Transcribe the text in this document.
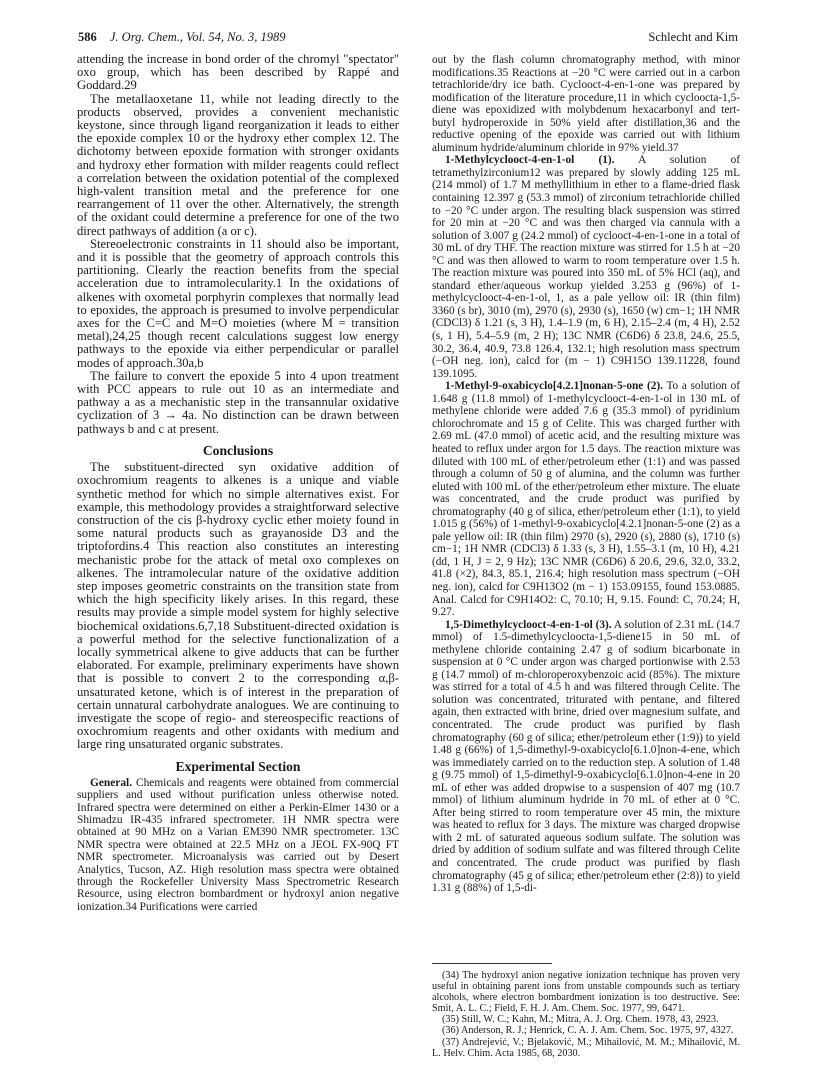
586 J. Org. Chem., Vol. 54, No. 3, 1989	Schlecht and Kim

attending the increase in bond order of the chromyl "spectator" oxo group, which has been described by Rappé and Goddard.29

The metallaoxetane 11, while not leading directly to the products observed, provides a convenient mechanistic keystone, since through ligand reorganization it leads to either the epoxide complex 10 or the hydroxy ether complex 12. The dichotomy between epoxide formation with stronger oxidants and hydroxy ether formation with milder reagents could reflect a correlation between the oxidation potential of the complexed high-valent transition metal and the preference for one rearrangement of 11 over the other. Alternatively, the strength of the oxidant could determine a preference for one of the two direct pathways of addition (a or c).

Stereoelectronic constraints in 11 should also be important, and it is possible that the geometry of approach controls this partitioning. Clearly the reaction benefits from the special acceleration due to intramolecularity.1 In the oxidations of alkenes with oxometal porphyrin complexes that normally lead to epoxides, the approach is presumed to involve perpendicular axes for the C=C and M=O moieties (where M = transition metal),24,25 though recent calculations suggest low energy pathways to the epoxide via either perpendicular or parallel modes of approach.30a,b

The failure to convert the epoxide 5 into 4 upon treatment with PCC appears to rule out 10 as an intermediate and pathway a as a mechanistic step in the transannular oxidative cyclization of 3 → 4a. No distinction can be drawn between pathways b and c at present.

Conclusions

The substituent-directed syn oxidative addition of oxochromium reagents to alkenes is a unique and viable synthetic method for which no simple alternatives exist. For example, this methodology provides a straightforward selective construction of the cis β-hydroxy cyclic ether moiety found in some natural products such as grayanoside D3 and the triptofordins.4 This reaction also constitutes an interesting mechanistic probe for the attack of metal oxo complexes on alkenes. The intramolecular nature of the oxidative addition step imposes geometric constraints on the transition state from which the high specificity likely arises. In this regard, these results may provide a simple model system for highly selective biochemical oxidations.6,7,18 Substituent-directed oxidation is a powerful method for the selective functionalization of a locally symmetrical alkene to give adducts that can be further elaborated. For example, preliminary experiments have shown that is possible to convert 2 to the corresponding α,β-unsaturated ketone, which is of interest in the preparation of certain unnatural carbohydrate analogues. We are continuing to investigate the scope of regio- and stereospecific reactions of oxochromium reagents and other oxidants with medium and large ring unsaturated organic substrates.

Experimental Section

General. Chemicals and reagents were obtained from commercial suppliers and used without purification unless otherwise noted. Infrared spectra were determined on either a Perkin-Elmer 1430 or a Shimadzu IR-435 infrared spectrometer. 1H NMR spectra were obtained at 90 MHz on a Varian EM390 NMR spectrometer. 13C NMR spectra were obtained at 22.5 MHz on a JEOL FX-90Q FT NMR spectrometer. Microanalysis was carried out by Desert Analytics, Tucson, AZ. High resolution mass spectra were obtained through the Rockefeller University Mass Spectrometric Research Resource, using electron bombardment or hydroxyl anion negative ionization.34 Purifications were carried

out by the flash column chromatography method, with minor modifications.35 Reactions at −20 °C were carried out in a carbon tetrachloride/dry ice bath. Cyclooct-4-en-1-one was prepared by modification of the literature procedure,11 in which cycloocta-1,5-diene was epoxidized with molybdenum hexacarbonyl and tert-butyl hydroperoxide in 50% yield after distillation,36 and the reductive opening of the epoxide was carried out with lithium aluminum hydride/aluminum chloride in 97% yield.37

1-Methylcyclooct-4-en-1-ol (1). A solution of tetramethylzirconium12 was prepared by slowly adding 125 mL (214 mmol) of 1.7 M methyllithium in ether to a flame-dried flask containing 12.397 g (53.3 mmol) of zirconium tetrachloride chilled to −20 °C under argon. The resulting black suspension was stirred for 20 min at −20 °C and was then charged via cannula with a solution of 3.007 g (24.2 mmol) of cyclooct-4-en-1-one in a total of 30 mL of dry THF. The reaction mixture was stirred for 1.5 h at −20 °C and was then allowed to warm to room temperature over 1.5 h. The reaction mixture was poured into 350 mL of 5% HCl (aq), and standard ether/aqueous workup yielded 3.253 g (96%) of 1-methylcyclooct-4-en-1-ol, 1, as a pale yellow oil: IR (thin film) 3360 (s br), 3010 (m), 2970 (s), 2930 (s), 1650 (w) cm−1; 1H NMR (CDCl3) δ 1.21 (s, 3 H), 1.4–1.9 (m, 6 H), 2.15–2.4 (m, 4 H), 2.52 (s, 1 H), 5.4–5.9 (m, 2 H); 13C NMR (C6D6) δ 23.8, 24.6, 25.5, 30.2, 36.4, 40.9, 73.8 126.4, 132.1; high resolution mass spectrum (−OH neg. ion), calcd for (m − 1) C9H15O 139.11228, found 139.1095.

1-Methyl-9-oxabicyclo[4.2.1]nonan-5-one (2). To a solution of 1.648 g (11.8 mmol) of 1-methylcyclooct-4-en-1-ol in 130 mL of methylene chloride were added 7.6 g (35.3 mmol) of pyridinium chlorochromate and 15 g of Celite. This was charged further with 2.69 mL (47.0 mmol) of acetic acid, and the resulting mixture was heated to reflux under argon for 1.5 days. The reaction mixture was diluted with 100 mL of ether/petroleum ether (1:1) and was passed through a column of 50 g of alumina, and the column was further eluted with 100 mL of the ether/petroleum ether mixture. The eluate was concentrated, and the crude product was purified by chromatography (40 g of silica, ether/petroleum ether (1:1), to yield 1.015 g (56%) of 1-methyl-9-oxabicyclo[4.2.1]nonan-5-one (2) as a pale yellow oil: IR (thin film) 2970 (s), 2920 (s), 2880 (s), 1710 (s) cm−1; 1H NMR (CDCl3) δ 1.33 (s, 3 H), 1.55–3.1 (m, 10 H), 4.21 (dd, 1 H, J = 2, 9 Hz); 13C NMR (C6D6) δ 20.6, 29.6, 32.0, 33.2, 41.8 (×2), 84.3, 85.1, 216.4; high resolution mass spectrum (−OH neg. ion), calcd for C9H13O2 (m − 1) 153.09155, found 153.0885. Anal. Calcd for C9H14O2: C, 70.10; H, 9.15. Found: C, 70.24; H, 9.27.

1,5-Dimethylcyclooct-4-en-1-ol (3). A solution of 2.31 mL (14.7 mmol) of 1.5-dimethylcycloocta-1,5-diene15 in 50 mL of methylene chloride containing 2.47 g of sodium bicarbonate in suspension at 0 °C under argon was charged portionwise with 2.53 g (14.7 mmol) of m-chloroperoxybenzoic acid (85%). The mixture was stirred for a total of 4.5 h and was filtered through Celite. The solution was concentrated, triturated with pentane, and filtered again, then extracted with brine, dried over magnesium sulfate, and concentrated. The crude product was purified by flash chromatography (60 g of silica; ether/petroleum ether (1:9)) to yield 1.48 g (66%) of 1,5-dimethyl-9-oxabicyclo[6.1.0]non-4-ene, which was immediately carried on to the reduction step. A solution of 1.48 g (9.75 mmol) of 1,5-dimethyl-9-oxabicyclo[6.1.0]non-4-ene in 20 mL of ether was added dropwise to a suspension of 407 mg (10.7 mmol) of lithium aluminum hydride in 70 mL of ether at 0 °C. After being stirred to room temperature over 45 min, the mixture was heated to reflux for 3 days. The mixture was charged dropwise with 2 mL of saturated aqueous sodium sulfate. The solution was dried by addition of sodium sulfate and was filtered through Celite and concentrated. The crude product was purified by flash chromatography (45 g of silica; ether/petroleum ether (2:8)) to yield 1.31 g (88%) of 1,5-di-

(34) The hydroxyl anion negative ionization technique has proven very useful in obtaining parent ions from unstable compounds such as tertiary alcohols, where electron bombardment ionization is too destructive. See: Smit, A. L. C.; Field, F. H. J. Am. Chem. Soc. 1977, 99, 6471.

(35) Still, W. C.; Kahn, M.; Mitra, A. J. Org. Chem. 1978, 43, 2923.

(36) Anderson, R. J.; Henrick, C. A. J. Am. Chem. Soc. 1975, 97, 4327.

(37) Andrejević, V.; Bjelaković, M.; Mihailović, M. M.; Mihailović, M. L. Helv. Chim. Acta 1985, 68, 2030.
